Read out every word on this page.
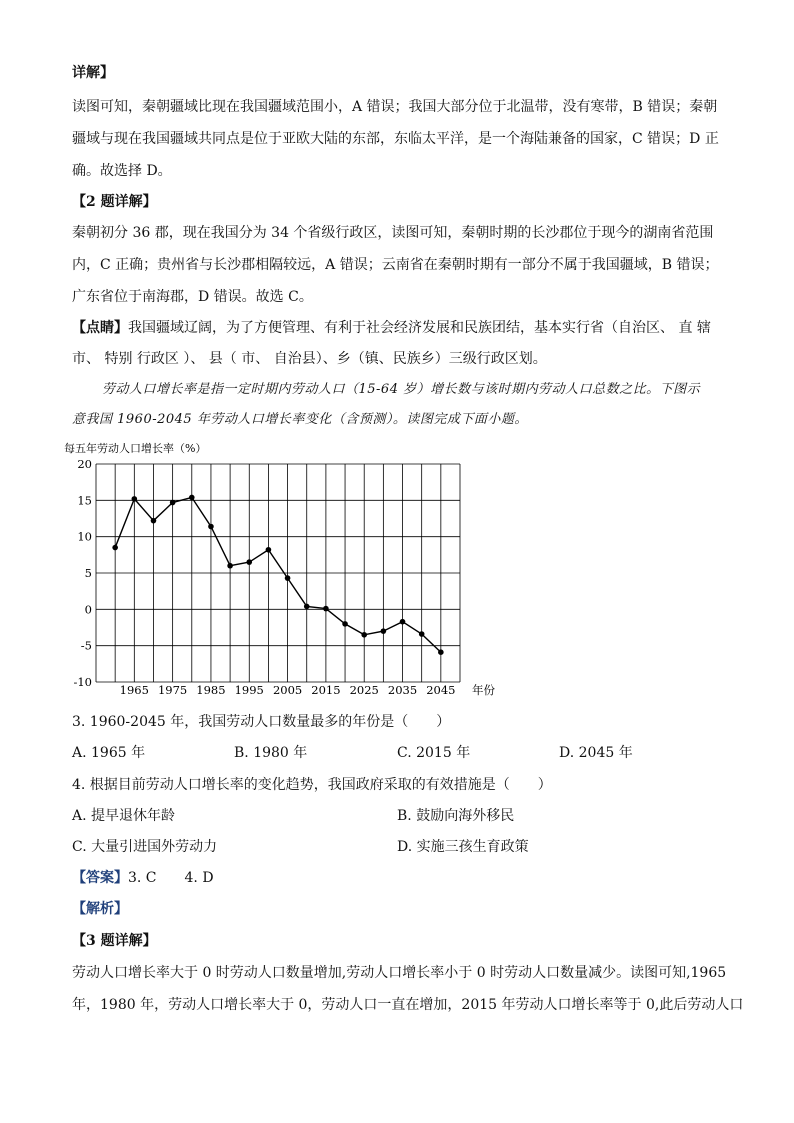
详解】
读图可知，秦朝疆域比现在我国疆域范围小，A 错误；我国大部分位于北温带，没有寒带，B 错误；秦朝
疆域与现在我国疆域共同点是位于亚欧大陆的东部，东临太平洋，是一个海陆兼备的国家，C 错误；D 正
确。故选择 D。
【2 题详解】
秦朝初分 36 郡，现在我国分为 34 个省级行政区，读图可知，秦朝时期的长沙郡位于现今的湖南省范围
内，C 正确；贵州省与长沙郡相隔较远，A 错误；云南省在秦朝时期有一部分不属于我国疆域，B 错误；
广东省位于南海郡，D 错误。故选 C。
【点睛】我国疆域辽阔，为了方便管理、有利于社会经济发展和民族团结，基本实行省（自治区、 直 辖
市、 特别 行政区 ）、 县（ 市、 自治县）、乡（镇、民族乡）三级行政区划。
劳动人口增长率是指一定时期内劳动人口（15-64 岁）增长数与该时期内劳动人口总数之比。下图示
意我国 1960-2045 年劳动人口增长率变化（含预测）。读图完成下面小题。
每五年劳动人口增长率（%）
20
15
10
5
0
-5
-10
1965 1975 1985 1995 2005 2015 2025 2035 2045 年份
3. 1960-2045 年，我国劳动人口数量最多的年份是（　　）
A. 1965 年	B. 1980 年	C. 2015 年	D. 2045 年
4. 根据目前劳动人口增长率的变化趋势，我国政府采取的有效措施是（　　）
A. 提早退休年龄	B. 鼓励向海外移民
C. 大量引进国外劳动力	D. 实施三孩生育政策
【答案】3. C　　4. D
【解析】
【3 题详解】
劳动人口增长率大于 0 时劳动人口数量增加,劳动人口增长率小于 0 时劳动人口数量减少。读图可知,1965
年，1980 年，劳动人口增长率大于 0，劳动人口一直在增加，2015 年劳动人口增长率等于 0,此后劳动人口
